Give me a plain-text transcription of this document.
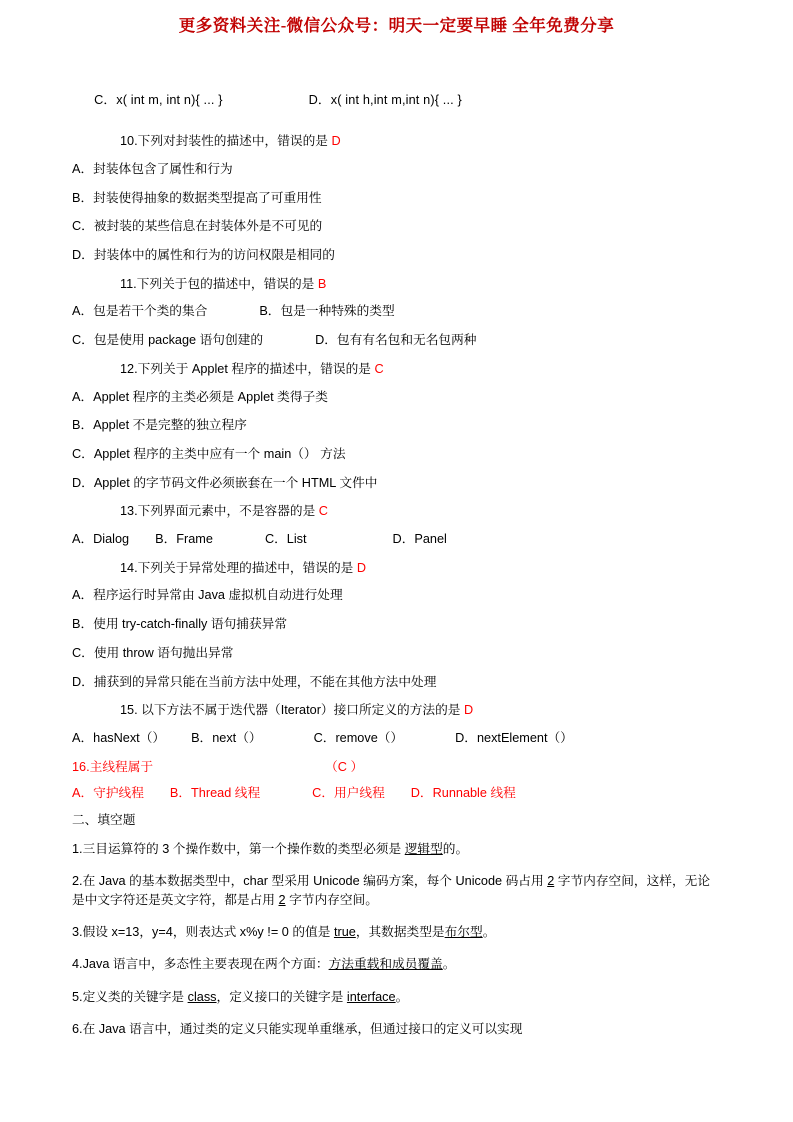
更多资料关注-微信公众号：明天一定要早睡 全年免费分享

C．x( int m, int n){ ... }	D．x( int h,int m,int n){ ... }

10.下列对封装性的描述中，错误的是 D
A．封装体包含了属性和行为
B．封装使得抽象的数据类型提高了可重用性
C．被封装的某些信息在封装体外是不可见的
D．封装体中的属性和行为的访问权限是相同的
11.下列关于包的描述中，错误的是 B
A．包是若干个类的集合	B．包是一种特殊的类型
C．包是使用 package 语句创建的	D．包有有名包和无名包两种
12.下列关于 Applet 程序的描述中，错误的是 C
A．Applet 程序的主类必须是 Applet 类得子类
B．Applet 不是完整的独立程序
C．Applet 程序的主类中应有一个 main（） 方法
D．Applet 的字节码文件必须嵌套在一个 HTML 文件中
13.下列界面元素中，不是容器的是 C
A．Dialog B．Frame	C．List	D．Panel
14.下列关于异常处理的描述中，错误的是 D
A．程序运行时异常由 Java 虚拟机自动进行处理
B．使用 try-catch-finally 语句捕获异常
C．使用 throw 语句抛出异常
D．捕获到的异常只能在当前方法中处理，不能在其他方法中处理
15. 以下方法不属于迭代器（Iterator）接口所定义的方法的是 D
A．hasNext（） B．next（）	C．remove（）	D．nextElement（）
16.主线程属于	（C ）
A．守护线程 B．Thread 线程	C．用户线程 D．Runnable 线程
二、填空题
1.三目运算符的 3 个操作数中，第一个操作数的类型必须是 逻辑型的。
2.在 Java 的基本数据类型中，char 型采用 Unicode 编码方案，每个 Unicode 码占用 2 字节内存空间，这样，无论是中文字符还是英文字符，都是占用 2 字节内存空间。
3.假设 x=13，y=4，则表达式 x%y != 0 的值是 true，其数据类型是布尔型。
4.Java 语言中，多态性主要表现在两个方面：方法重载和成员覆盖。
5.定义类的关键字是 class，定义接口的关键字是 interface。
6.在 Java 语言中，通过类的定义只能实现单重继承，但通过接口的定义可以实现
